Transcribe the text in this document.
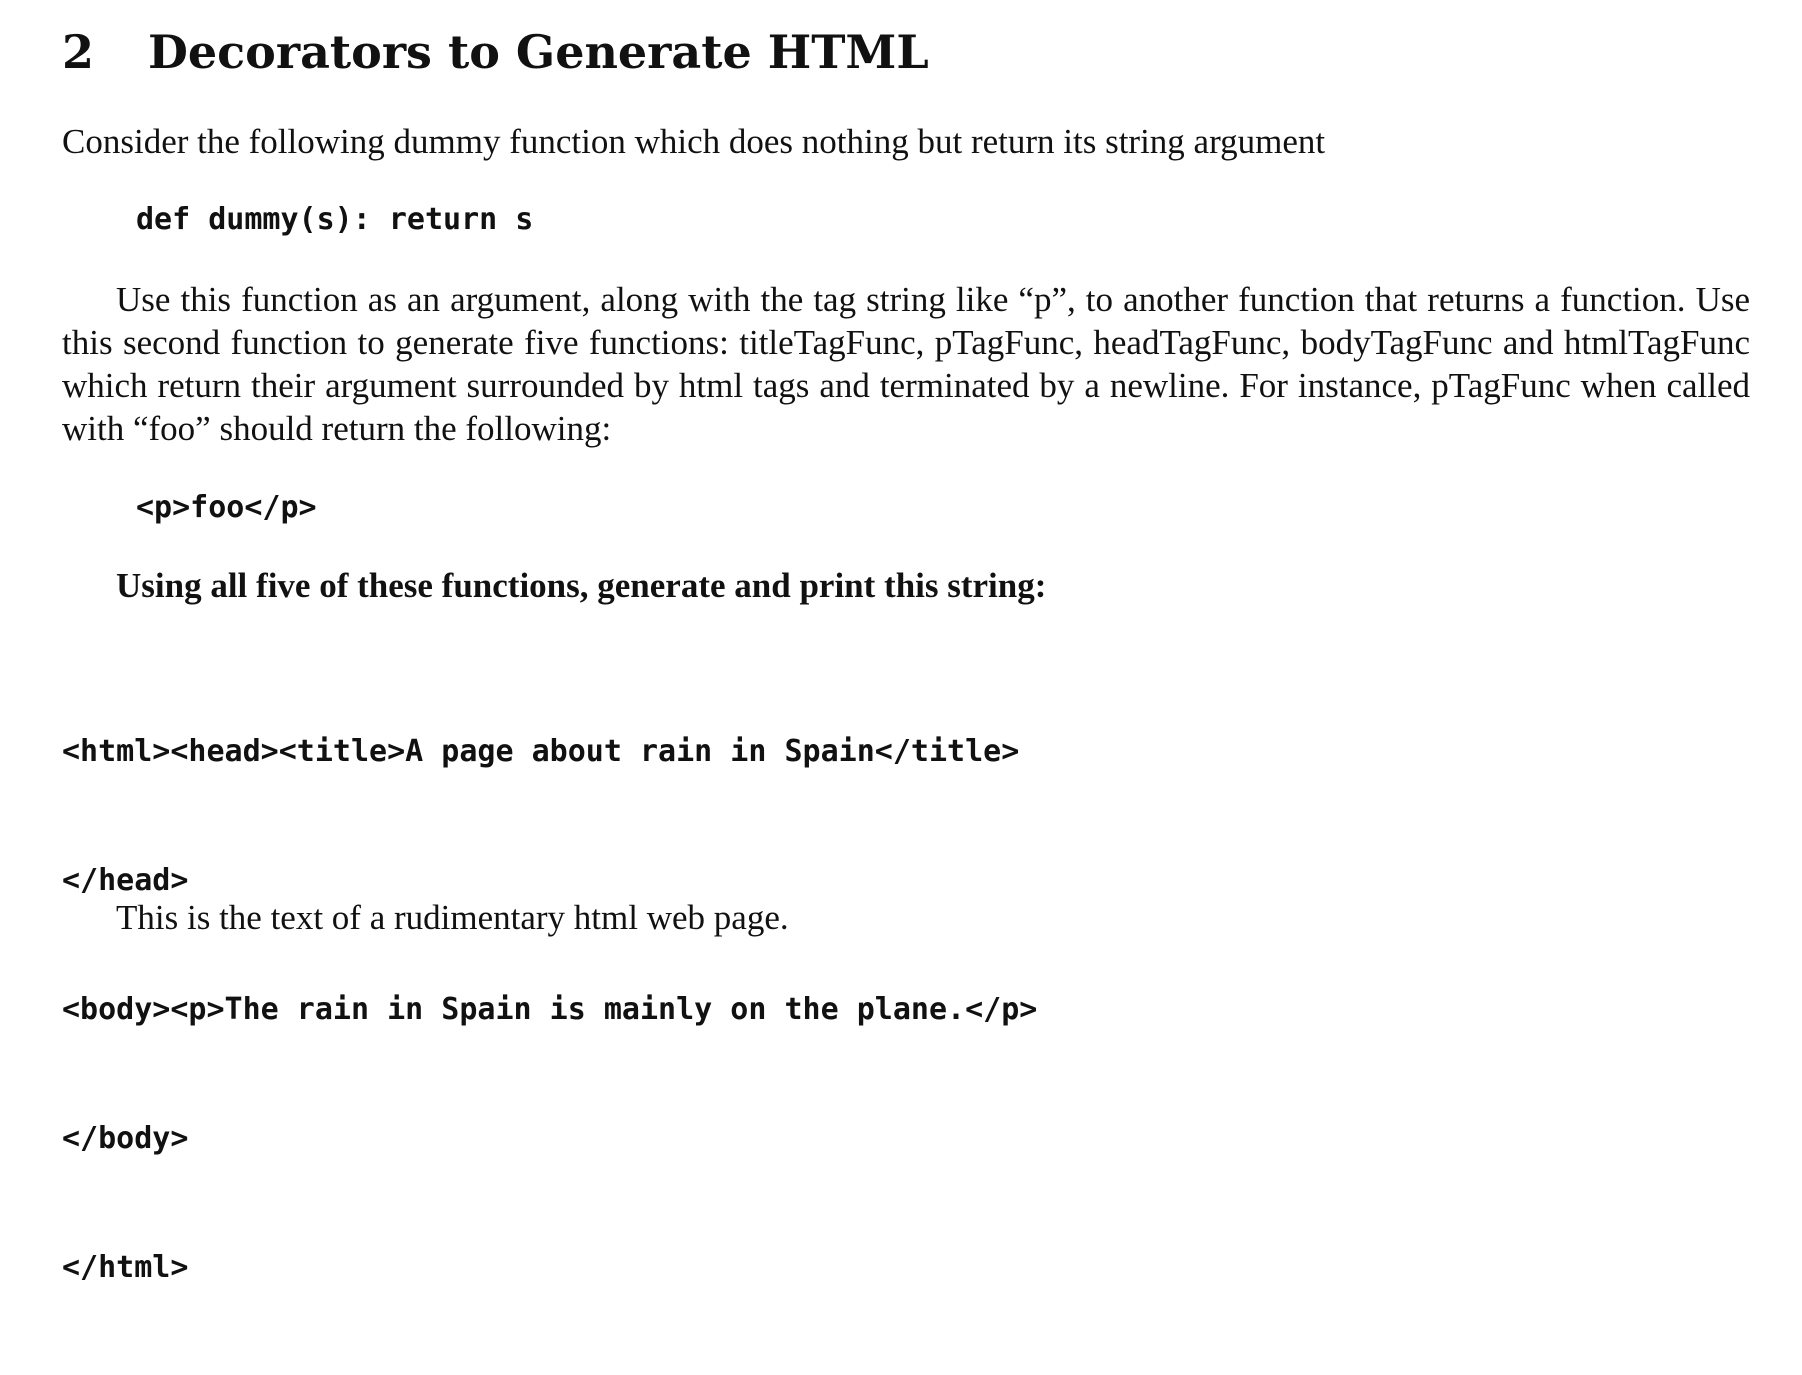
2 Decorators to Generate HTML

Consider the following dummy function which does nothing but return its string argument

def dummy(s): return s

Use this function as an argument, along with the tag string like “p”, to another function that returns a function. Use this second function to generate five functions: titleTagFunc, pTagFunc, headTagFunc, bodyTagFunc and htmlTagFunc which return their argument surrounded by html tags and terminated by a newline. For instance, pTagFunc when called with “foo” should return the following:

<p>foo</p>

Using all five of these functions, generate and print this string:

<html><head><title>A page about rain in Spain</title>

</head>

<body><p>The rain in Spain is mainly on the plane.</p>

</body>

</html>

This is the text of a rudimentary html web page.
